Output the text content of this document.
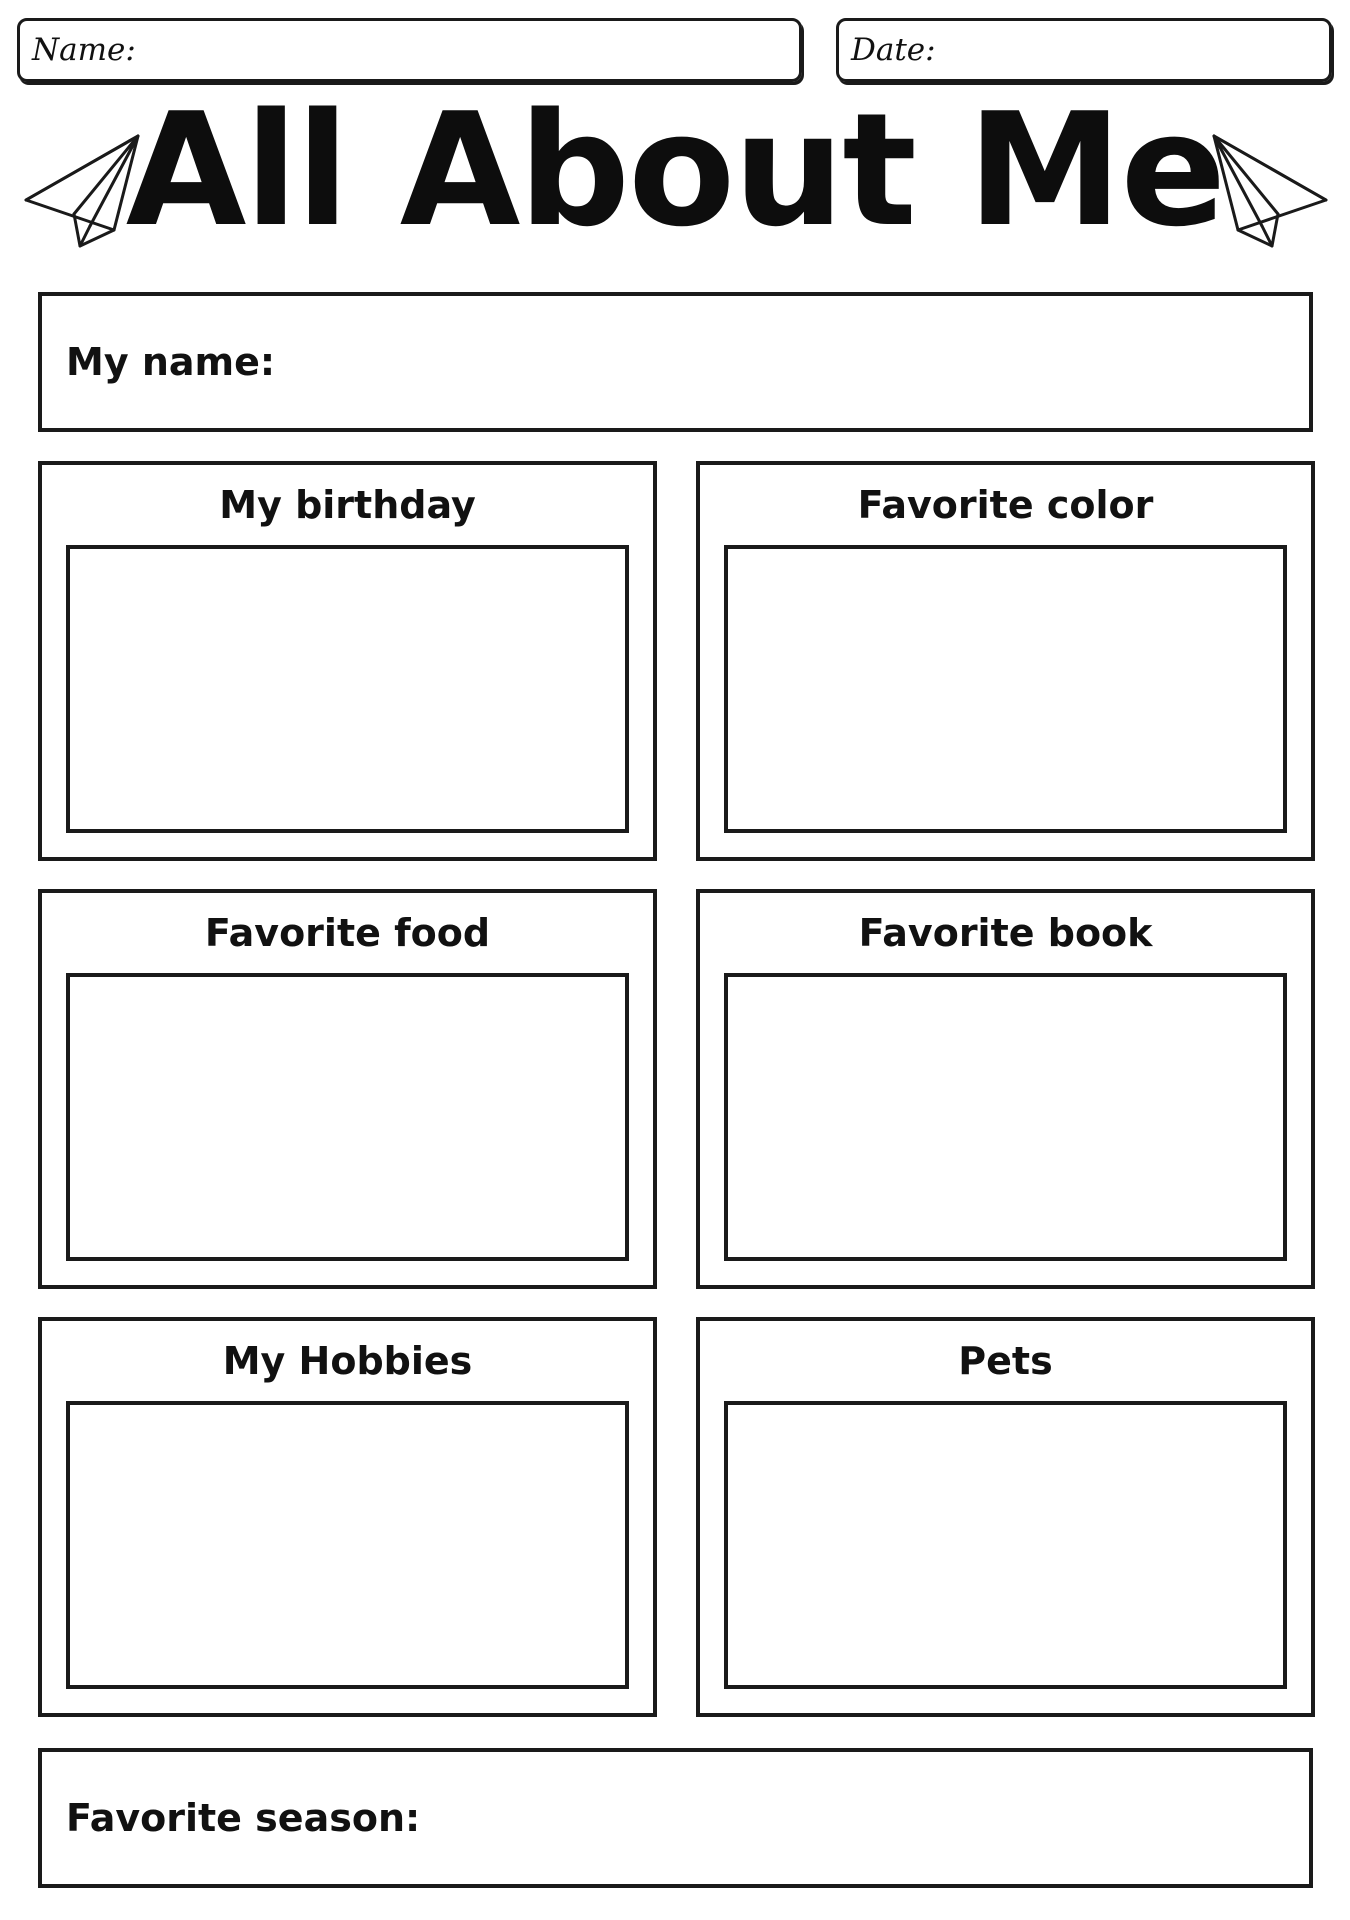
Name:	Date:
All About Me
My name:
My birthday	Favorite color
Favorite food	Favorite book
My Hobbies	Pets
Favorite season:
